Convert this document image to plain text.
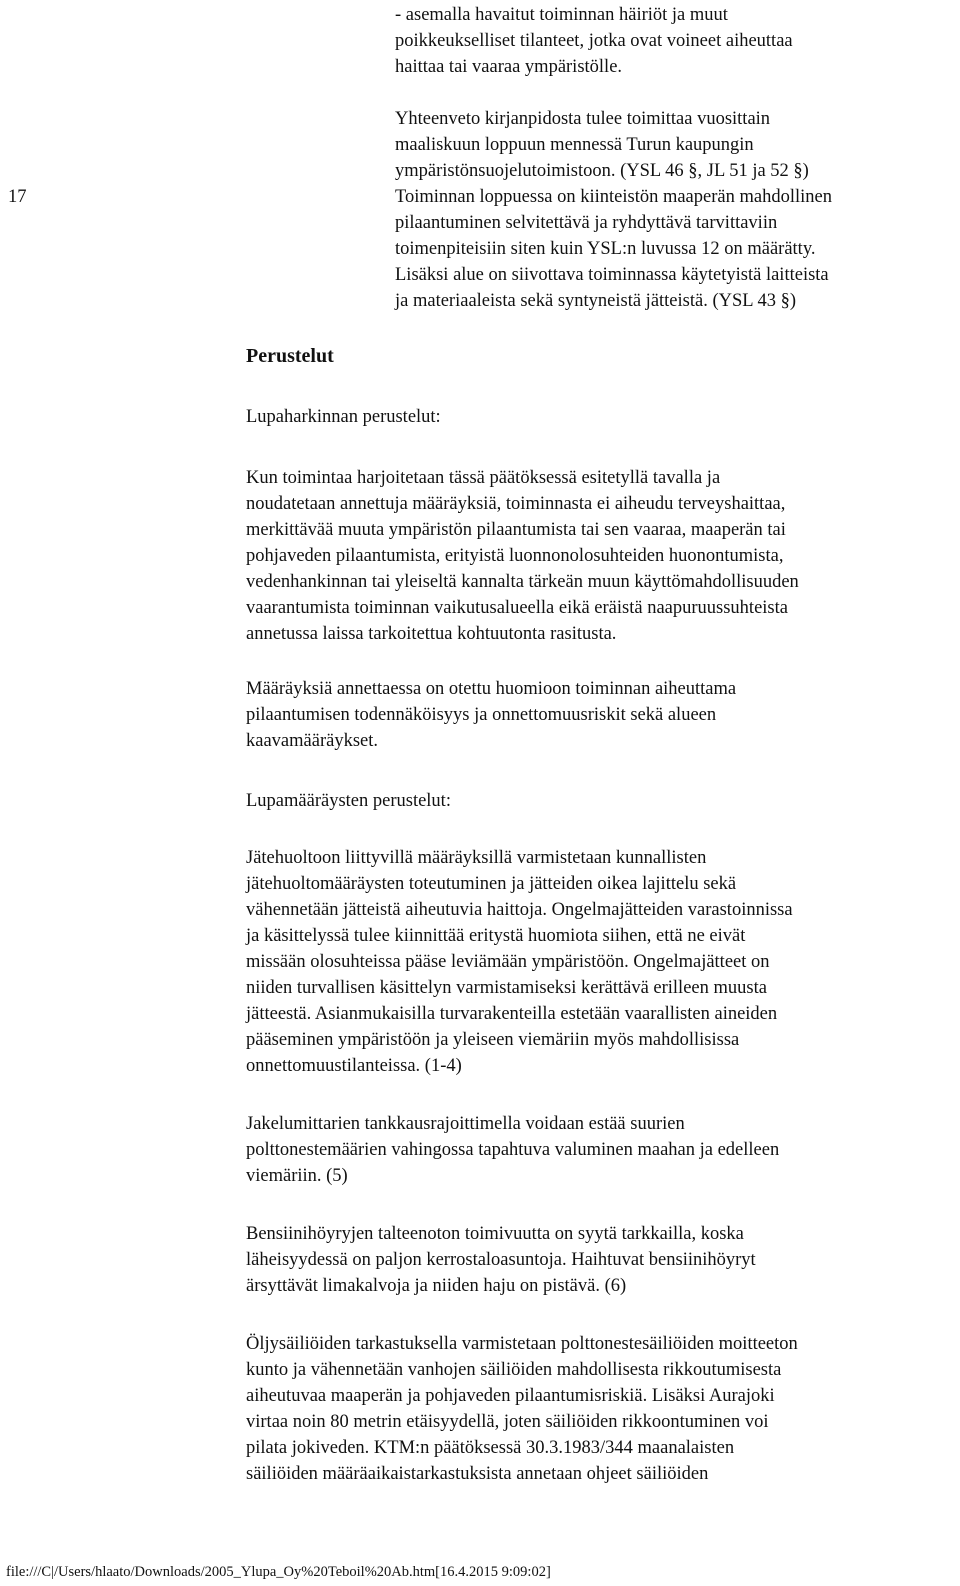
- asemalla havaitut toiminnan häiriöt ja muut
poikkeukselliset tilanteet, jotka ovat voineet aiheuttaa
haittaa tai vaaraa ympäristölle.
Yhteenveto kirjanpidosta tulee toimittaa vuosittain
maaliskuun loppuun mennessä Turun kaupungin
ympäristönsuojelutoimistoon. (YSL 46 §, JL 51 ja 52 §)
17	Toiminnan loppuessa on kiinteistön maaperän mahdollinen
pilaantuminen selvitettävä ja ryhdyttävä tarvittaviin
toimenpiteisiin siten kuin YSL:n luvussa 12 on määrätty.
Lisäksi alue on siivottava toiminnassa käytetyistä laitteista
ja materiaaleista sekä syntyneistä jätteistä. (YSL 43 §)
Perustelut
Lupaharkinnan perustelut:
Kun toimintaa harjoitetaan tässä päätöksessä esitetyllä tavalla ja
noudatetaan annettuja määräyksiä, toiminnasta ei aiheudu terveyshaittaa,
merkittävää muuta ympäristön pilaantumista tai sen vaaraa, maaperän tai
pohjaveden pilaantumista, erityistä luonnonolosuhteiden huonontumista,
vedenhankinnan tai yleiseltä kannalta tärkeän muun käyttömahdollisuuden
vaarantumista toiminnan vaikutusalueella eikä eräistä naapuruussuhteista
annetussa laissa tarkoitettua kohtuutonta rasitusta.
Määräyksiä annettaessa on otettu huomioon toiminnan aiheuttama
pilaantumisen todennäköisyys ja onnettomuusriskit sekä alueen
kaavamääräykset.
Lupamääräysten perustelut:
Jätehuoltoon liittyvillä määräyksillä varmistetaan kunnallisten
jätehuoltomääräysten toteutuminen ja jätteiden oikea lajittelu sekä
vähennetään jätteistä aiheutuvia haittoja. Ongelmajätteiden varastoinnissa
ja käsittelyssä tulee kiinnittää eritystä huomiota siihen, että ne eivät
missään olosuhteissa pääse leviämään ympäristöön. Ongelmajätteet on
niiden turvallisen käsittelyn varmistamiseksi kerättävä erilleen muusta
jätteestä. Asianmukaisilla turvarakenteilla estetään vaarallisten aineiden
pääseminen ympäristöön ja yleiseen viemäriin myös mahdollisissa
onnettomuustilanteissa. (1-4)
Jakelumittarien tankkausrajoittimella voidaan estää suurien
polttonestemäärien vahingossa tapahtuva valuminen maahan ja edelleen
viemäriin. (5)
Bensiinihöyryjen talteenoton toimivuutta on syytä tarkkailla, koska
läheisyydessä on paljon kerrostaloasuntoja. Haihtuvat bensiinihöyryt
ärsyttävät limakalvoja ja niiden haju on pistävä. (6)
Öljysäiliöiden tarkastuksella varmistetaan polttonestesäiliöiden moitteeton
kunto ja vähennetään vanhojen säiliöiden mahdollisesta rikkoutumisesta
aiheutuvaa maaperän ja pohjaveden pilaantumisriskiä. Lisäksi Aurajoki
virtaa noin 80 metrin etäisyydellä, joten säiliöiden rikkoontuminen voi
pilata jokiveden. KTM:n päätöksessä 30.3.1983/344 maanalaisten
säiliöiden määräaikaistarkastuksista annetaan ohjeet säiliöiden
file:///C|/Users/hlaato/Downloads/2005_Ylupa_Oy%20Teboil%20Ab.htm[16.4.2015 9:09:02]
